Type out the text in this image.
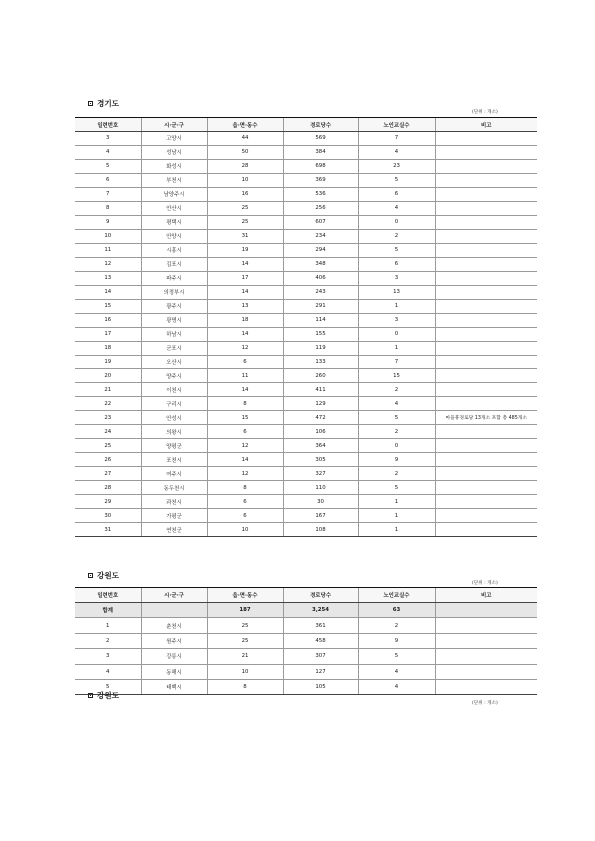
경기도
(단위 : 개소)
일련번호	시·군·구	읍·면·동수	경로당수	노인교실수	비고
3	고양시	44	569	7	
4	성남시	50	384	4	
5	화성시	28	698	23	
6	부천시	10	369	5	
7	남양주시	16	536	6	
8	안산시	25	256	4	
9	평택시	25	607	0	
10	안양시	31	234	2	
11	시흥시	19	294	5	
12	김포시	14	348	6	
13	파주시	17	406	3	
14	의정부시	14	243	13	
15	광주시	13	291	1	
16	광명시	18	114	3	
17	하남시	14	155	0	
18	군포시	12	119	1	
19	오산시	6	133	7	
20	양주시	11	260	15	
21	이천시	14	411	2	
22	구리시	8	129	4	
23	안성시	15	472	5	마을휴경로당 13개소 포함 총 485개소
24	의왕시	6	106	2	
25	양평군	12	364	0	
26	포천시	14	305	9	
27	여주시	12	327	2	
28	동두천시	8	110	5	
29	과천시	6	30	1	
30	가평군	6	167	1	
31	연천군	10	108	1	
강원도
(단위 : 개소)
일련번호	시·군·구	읍·면·동수	경로당수	노인교실수	비고
합계		187	3,254	63	
1	춘천시	25	361	2	
2	원주시	25	458	9	
3	강릉시	21	307	5	
4	동해시	10	127	4	
5	태백시	8	105	4	
강원도
(단위 : 개소)
